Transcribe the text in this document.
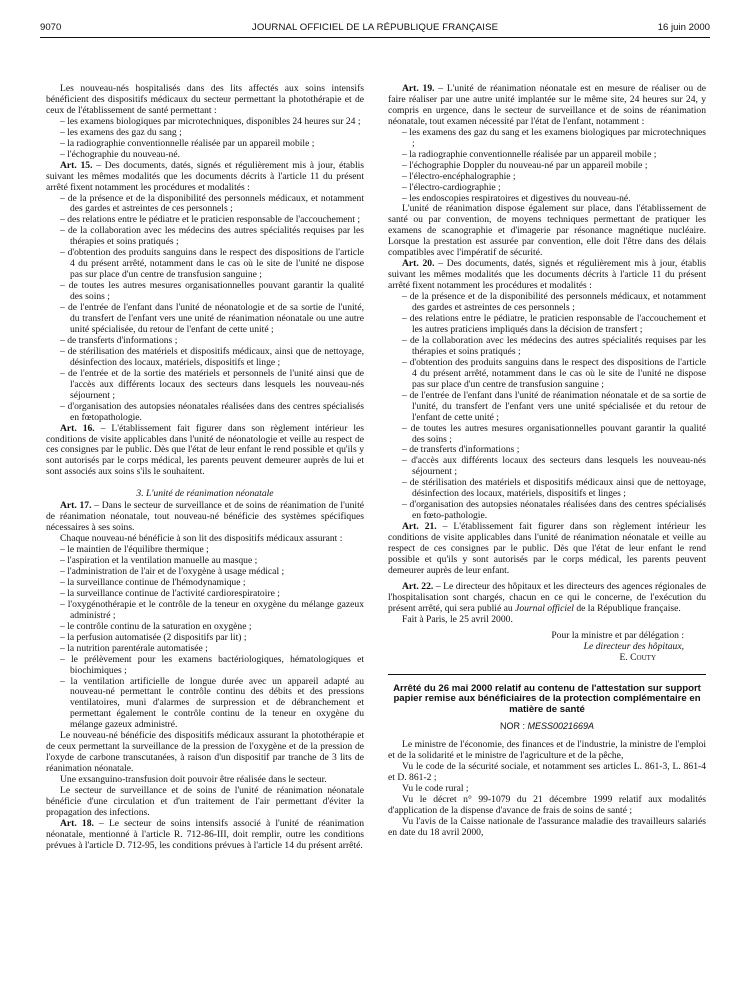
9070	JOURNAL OFFICIEL DE LA RÉPUBLIQUE FRANÇAISE	16 juin 2000

Les nouveau-nés hospitalisés dans des lits affectés aux soins intensifs bénéficient des dispositifs médicaux du secteur permettant la photothérapie et de ceux de l'établissement de santé permettant :

– les examens biologiques par microtechniques, disponibles 24 heures sur 24 ;

– les examens des gaz du sang ;

– la radiographie conventionnelle réalisée par un appareil mobile ;

– l'échographie du nouveau-né.

Art. 15. – Des documents, datés, signés et régulièrement mis à jour, établis suivant les mêmes modalités que les documents décrits à l'article 11 du présent arrêté fixent notamment les procédures et modalités :

– de la présence et de la disponibilité des personnels médicaux, et notamment des gardes et astreintes de ces personnels ;

– des relations entre le pédiatre et le praticien responsable de l'accouchement ;

– de la collaboration avec les médecins des autres spécialités requises par les thérapies et soins pratiqués ;

– d'obtention des produits sanguins dans le respect des dispositions de l'article 4 du présent arrêté, notamment dans le cas où le site de l'unité ne dispose pas sur place d'un centre de transfusion sanguine ;

– de toutes les autres mesures organisationnelles pouvant garantir la qualité des soins ;

– de l'entrée de l'enfant dans l'unité de néonatologie et de sa sortie de l'unité, du transfert de l'enfant vers une unité de réanimation néonatale ou une autre unité spécialisée, du retour de l'enfant de cette unité ;

– de transferts d'informations ;

– de stérilisation des matériels et dispositifs médicaux, ainsi que de nettoyage, désinfection des locaux, matériels, dispositifs et linge ;

– de l'entrée et de la sortie des matériels et personnels de l'unité ainsi que de l'accès aux différents locaux des secteurs dans lesquels les nouveau-nés séjournent ;

– d'organisation des autopsies néonatales réalisées dans des centres spécialisés en fœtopathologie.

Art. 16. – L'établissement fait figurer dans son règlement intérieur les conditions de visite applicables dans l'unité de néonatologie et veille au respect de ces consignes par le public. Dès que l'état de leur enfant le rend possible et qu'ils y sont autorisés par le corps médical, les parents peuvent demeurer auprès de lui et sont associés aux soins s'ils le souhaitent.

3. L'unité de réanimation néonatale

Art. 17. – Dans le secteur de surveillance et de soins de réanimation de l'unité de réanimation néonatale, tout nouveau-né bénéficie des systèmes spécifiques nécessaires à ses soins.

Chaque nouveau-né bénéficie à son lit des dispositifs médicaux assurant :

– le maintien de l'équilibre thermique ;

– l'aspiration et la ventilation manuelle au masque ;

– l'administration de l'air et de l'oxygène à usage médical ;

– la surveillance continue de l'hémodynamique ;

– la surveillance continue de l'activité cardiorespiratoire ;

– l'oxygénothérapie et le contrôle de la teneur en oxygène du mélange gazeux administré ;

– le contrôle continu de la saturation en oxygène ;

– la perfusion automatisée (2 dispositifs par lit) ;

– la nutrition parentérale automatisée ;

– le prélèvement pour les examens bactériologiques, hématologiques et biochimiques ;

– la ventilation artificielle de longue durée avec un appareil adapté au nouveau-né permettant le contrôle continu des débits et des pressions ventilatoires, muni d'alarmes de surpression et de débranchement et permettant également le contrôle continu de la teneur en oxygène du mélange gazeux administré.

Le nouveau-né bénéficie des dispositifs médicaux assurant la photothérapie et de ceux permettant la surveillance de la pression de l'oxygène et de la pression de l'oxyde de carbone transcutanées, à raison d'un dispositif par tranche de 3 lits de réanimation néonatale.

Une exsanguino-transfusion doit pouvoir être réalisée dans le secteur.

Le secteur de surveillance et de soins de l'unité de réanimation néonatale bénéficie d'une circulation et d'un traitement de l'air permettant d'éviter la propagation des infections.

Art. 18. – Le secteur de soins intensifs associé à l'unité de réanimation néonatale, mentionné à l'article R. 712-86-III, doit remplir, outre les conditions prévues à l'article D. 712-95, les conditions prévues à l'article 14 du présent arrêté.

Art. 19. – L'unité de réanimation néonatale est en mesure de réaliser ou de faire réaliser par une autre unité implantée sur le même site, 24 heures sur 24, y compris en urgence, dans le secteur de surveillance et de soins de réanimation néonatale, tout examen nécessité par l'état de l'enfant, notamment :

– les examens des gaz du sang et les examens biologiques par microtechniques ;

– la radiographie conventionnelle réalisée par un appareil mobile ;

– l'échographie Doppler du nouveau-né par un appareil mobile ;

– l'électro-encéphalographie ;

– l'électro-cardiographie ;

– les endoscopies respiratoires et digestives du nouveau-né.

L'unité de réanimation dispose également sur place, dans l'établissement de santé ou par convention, de moyens techniques permettant de pratiquer les examens de scanographie et d'imagerie par résonance magnétique nucléaire. Lorsque la prestation est assurée par convention, elle doit l'être dans des délais compatibles avec l'impératif de sécurité.

Art. 20. – Des documents, datés, signés et régulièrement mis à jour, établis suivant les mêmes modalités que les documents décrits à l'article 11 du présent arrêté fixent notamment les procédures et modalités :

– de la présence et de la disponibilité des personnels médicaux, et notamment des gardes et astreintes de ces personnels ;

– des relations entre le pédiatre, le praticien responsable de l'accouchement et les autres praticiens impliqués dans la décision de transfert ;

– de la collaboration avec les médecins des autres spécialités requises par les thérapies et soins pratiqués ;

– d'obtention des produits sanguins dans le respect des dispositions de l'article 4 du présent arrêté, notamment dans le cas où le site de l'unité ne dispose pas sur place d'un centre de transfusion sanguine ;

– de l'entrée de l'enfant dans l'unité de réanimation néonatale et de sa sortie de l'unité, du transfert de l'enfant vers une unité spécialisée et du retour de l'enfant de cette unité ;

– de toutes les autres mesures organisationnelles pouvant garantir la qualité des soins ;

– de transferts d'informations ;

– d'accès aux différents locaux des secteurs dans lesquels les nouveau-nés séjournent ;

– de stérilisation des matériels et dispositifs médicaux ainsi que de nettoyage, désinfection des locaux, matériels, dispositifs et linges ;

– d'organisation des autopsies néonatales réalisées dans des centres spécialisés en fœto-pathologie.

Art. 21. – L'établissement fait figurer dans son règlement intérieur les conditions de visite applicables dans l'unité de réanimation néonatale et veille au respect de ces consignes par le public. Dès que l'état de leur enfant le rend possible et qu'ils y sont autorisés par le corps médical, les parents peuvent demeurer auprès de leur enfant.

Art. 22. – Le directeur des hôpitaux et les directeurs des agences régionales de l'hospitalisation sont chargés, chacun en ce qui le concerne, de l'exécution du présent arrêté, qui sera publié au Journal officiel de la République française.

Fait à Paris, le 25 avril 2000.

Pour la ministre et par délégation :

Le directeur des hôpitaux,

E. Couty

Arrêté du 26 mai 2000 relatif au contenu de l'attestation sur support papier remise aux bénéficiaires de la protection complémentaire en matière de santé

NOR : MESS0021669A

Le ministre de l'économie, des finances et de l'industrie, la ministre de l'emploi et de la solidarité et le ministre de l'agriculture et de la pêche,

Vu le code de la sécurité sociale, et notamment ses articles L. 861-3, L. 861-4 et D. 861-2 ;

Vu le code rural ;

Vu le décret n° 99-1079 du 21 décembre 1999 relatif aux modalités d'application de la dispense d'avance de frais de soins de santé ;

Vu l'avis de la Caisse nationale de l'assurance maladie des travailleurs salariés en date du 18 avril 2000,
